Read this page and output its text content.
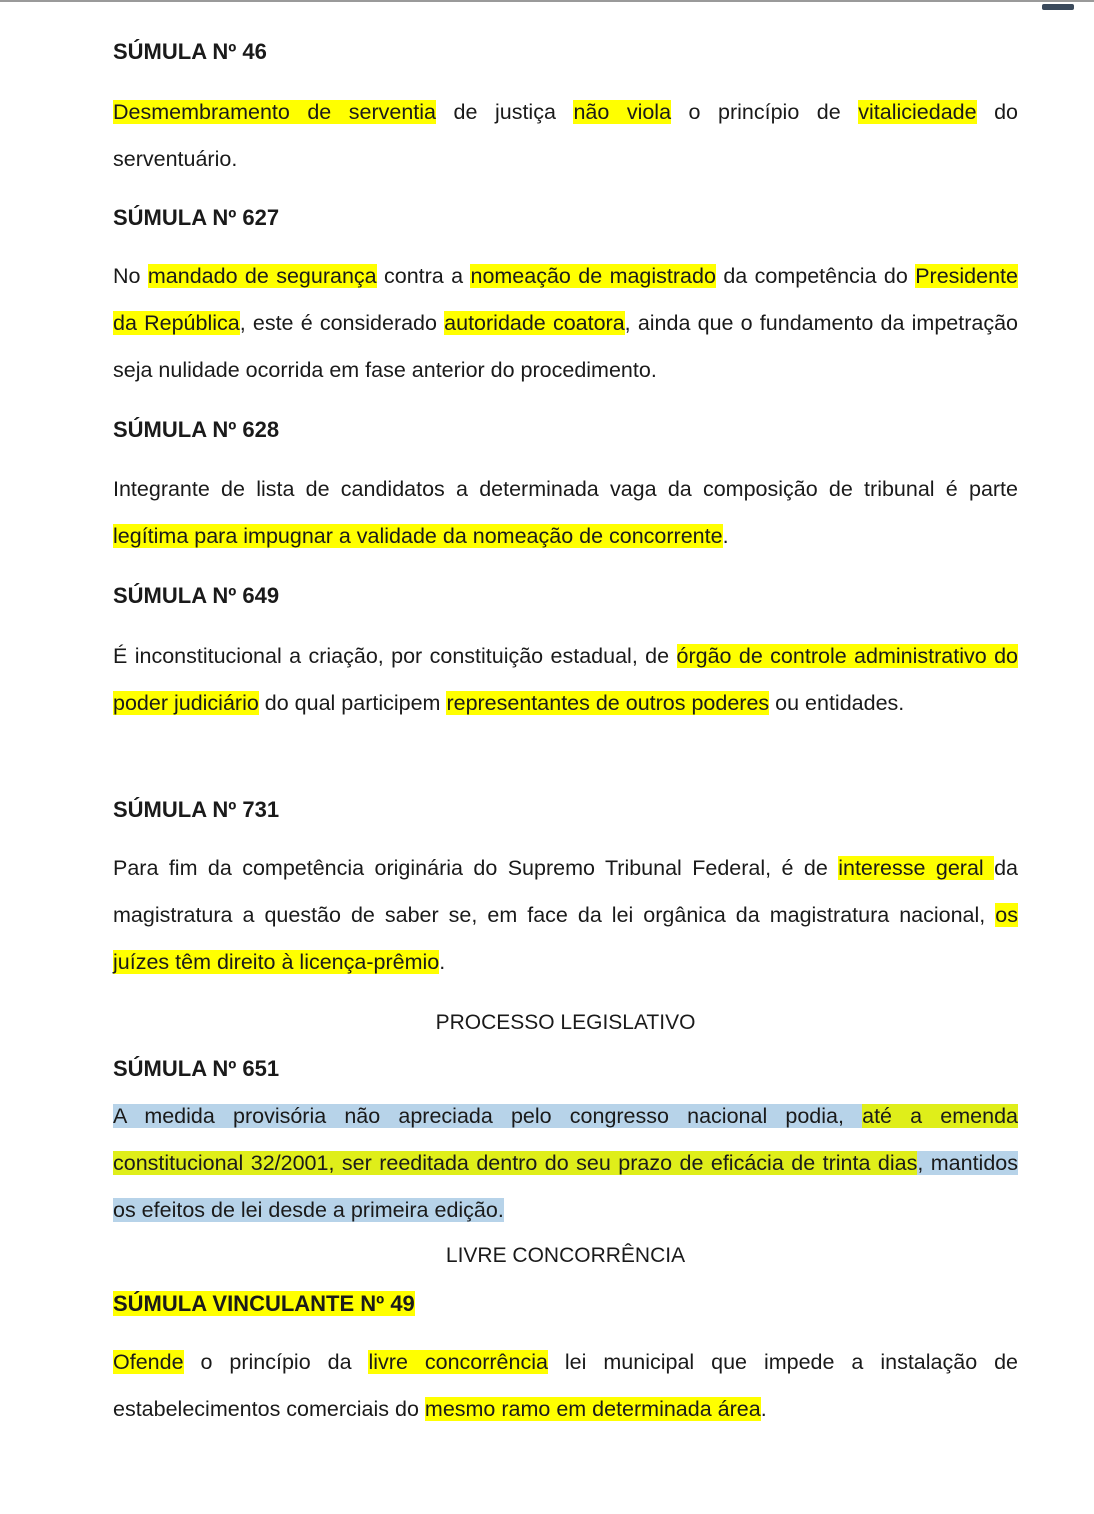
SÚMULA Nº 46
Desmembramento de serventia de justiça não viola o princípio de vitaliciedade do serventuário.
SÚMULA Nº 627
No mandado de segurança contra a nomeação de magistrado da competência do Presidente da República, este é considerado autoridade coatora, ainda que o fundamento da impetração seja nulidade ocorrida em fase anterior do procedimento.
SÚMULA Nº 628
Integrante de lista de candidatos a determinada vaga da composição de tribunal é parte legítima para impugnar a validade da nomeação de concorrente.
SÚMULA Nº 649
É inconstitucional a criação, por constituição estadual, de órgão de controle administrativo do poder judiciário do qual participem representantes de outros poderes ou entidades.
SÚMULA Nº 731
Para fim da competência originária do Supremo Tribunal Federal, é de interesse geral da magistratura a questão de saber se, em face da lei orgânica da magistratura nacional, os juízes têm direito à licença-prêmio.
PROCESSO LEGISLATIVO
SÚMULA Nº 651
A medida provisória não apreciada pelo congresso nacional podia, até a emenda constitucional 32/2001, ser reeditada dentro do seu prazo de eficácia de trinta dias, mantidos os efeitos de lei desde a primeira edição.
LIVRE CONCORRÊNCIA
SÚMULA VINCULANTE Nº 49
Ofende o princípio da livre concorrência lei municipal que impede a instalação de estabelecimentos comerciais do mesmo ramo em determinada área.
